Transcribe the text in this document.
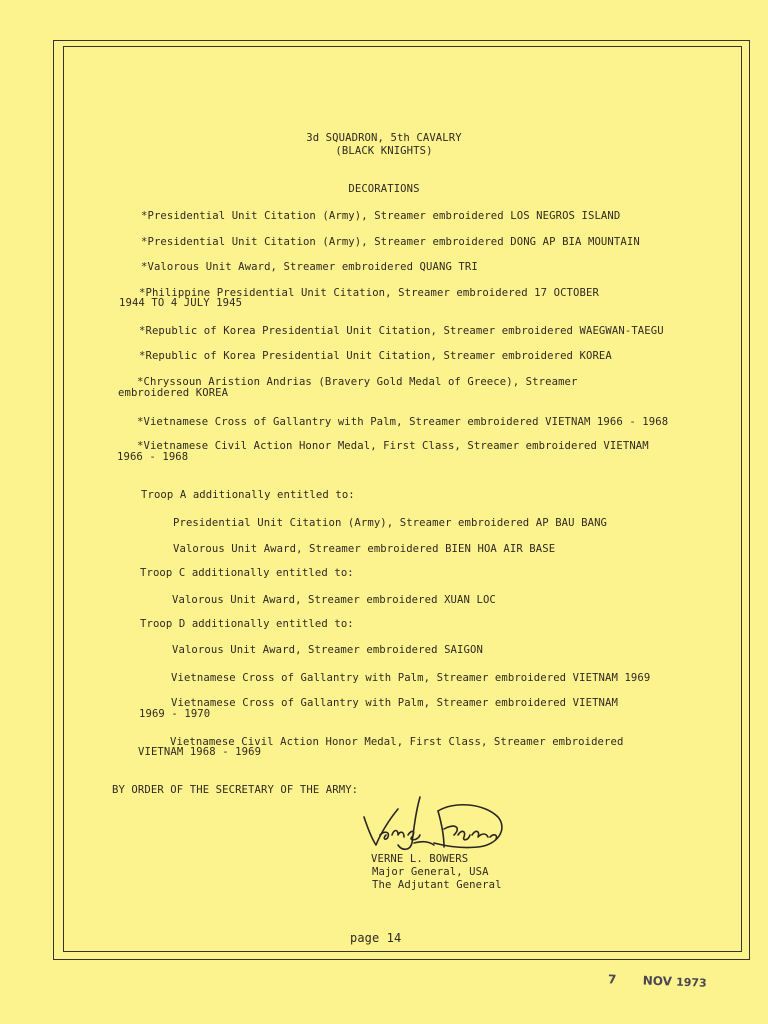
3d SQUADRON, 5th CAVALRY
(BLACK KNIGHTS)
DECORATIONS
*Presidential Unit Citation (Army), Streamer embroidered LOS NEGROS ISLAND
*Presidential Unit Citation (Army), Streamer embroidered DONG AP BIA MOUNTAIN
*Valorous Unit Award, Streamer embroidered QUANG TRI
*Philippine Presidential Unit Citation, Streamer embroidered 17 OCTOBER
1944 TO 4 JULY 1945
*Republic of Korea Presidential Unit Citation, Streamer embroidered WAEGWAN-TAEGU
*Republic of Korea Presidential Unit Citation, Streamer embroidered KOREA
*Chryssoun Aristion Andrias (Bravery Gold Medal of Greece), Streamer
embroidered KOREA
*Vietnamese Cross of Gallantry with Palm, Streamer embroidered VIETNAM 1966 - 1968
*Vietnamese Civil Action Honor Medal, First Class, Streamer embroidered VIETNAM
1966 - 1968
Troop A additionally entitled to:
Presidential Unit Citation (Army), Streamer embroidered AP BAU BANG
Valorous Unit Award, Streamer embroidered BIEN HOA AIR BASE
Troop C additionally entitled to:
Valorous Unit Award, Streamer embroidered XUAN LOC
Troop D additionally entitled to:
Valorous Unit Award, Streamer embroidered SAIGON
Vietnamese Cross of Gallantry with Palm, Streamer embroidered VIETNAM 1969
Vietnamese Cross of Gallantry with Palm, Streamer embroidered VIETNAM
1969 - 1970
Vietnamese Civil Action Honor Medal, First Class, Streamer embroidered
VIETNAM 1968 - 1969
BY ORDER OF THE SECRETARY OF THE ARMY:
VERNE L. BOWERS
Major General, USA
The Adjutant General
page 14
7 NOV 1973
